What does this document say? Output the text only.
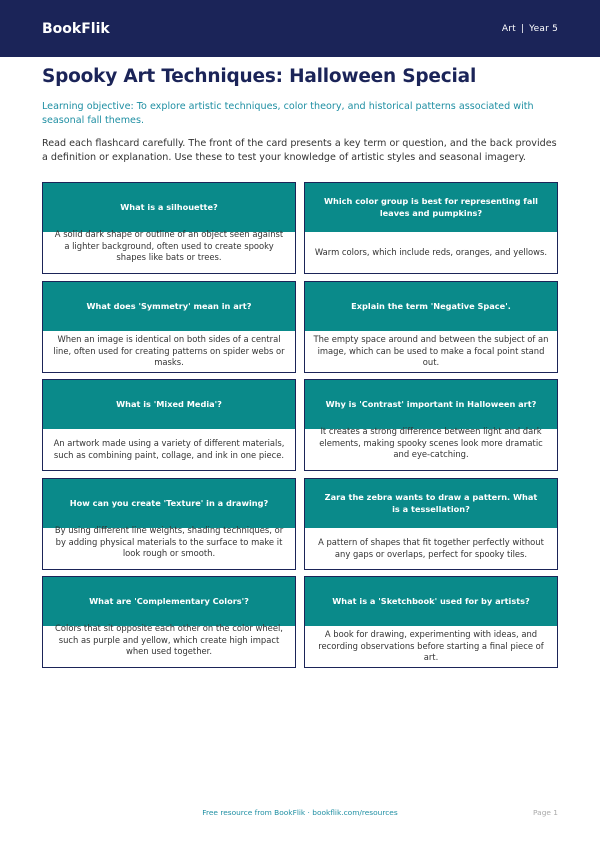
BookFlik	Art | Year 5
Spooky Art Techniques: Halloween Special

Learning objective: To explore artistic techniques, color theory, and historical patterns associated with seasonal fall themes.

Read each flashcard carefully. The front of the card presents a key term or question, and the back provides a definition or explanation. Use these to test your knowledge of artistic styles and seasonal imagery.

What is a silhouette?
A solid dark shape or outline of an object seen against a lighter background, often used to create spooky shapes like bats or trees.
Which color group is best for representing fall leaves and pumpkins?
Warm colors, which include reds, oranges, and yellows.
What does 'Symmetry' mean in art?
When an image is identical on both sides of a central line, often used for creating patterns on spider webs or masks.
Explain the term 'Negative Space'.
The empty space around and between the subject of an image, which can be used to make a focal point stand out.
What is 'Mixed Media'?
An artwork made using a variety of different materials, such as combining paint, collage, and ink in one piece.
Why is 'Contrast' important in Halloween art?
It creates a strong difference between light and dark elements, making spooky scenes look more dramatic and eye-catching.
How can you create 'Texture' in a drawing?
By using different line weights, shading techniques, or by adding physical materials to the surface to make it look rough or smooth.
Zara the zebra wants to draw a pattern. What is a tessellation?
A pattern of shapes that fit together perfectly without any gaps or overlaps, perfect for spooky tiles.
What are 'Complementary Colors'?
Colors that sit opposite each other on the color wheel, such as purple and yellow, which create high impact when used together.
What is a 'Sketchbook' used for by artists?
A book for drawing, experimenting with ideas, and recording observations before starting a final piece of art.
Free resource from BookFlik · bookflik.com/resources	Page 1
